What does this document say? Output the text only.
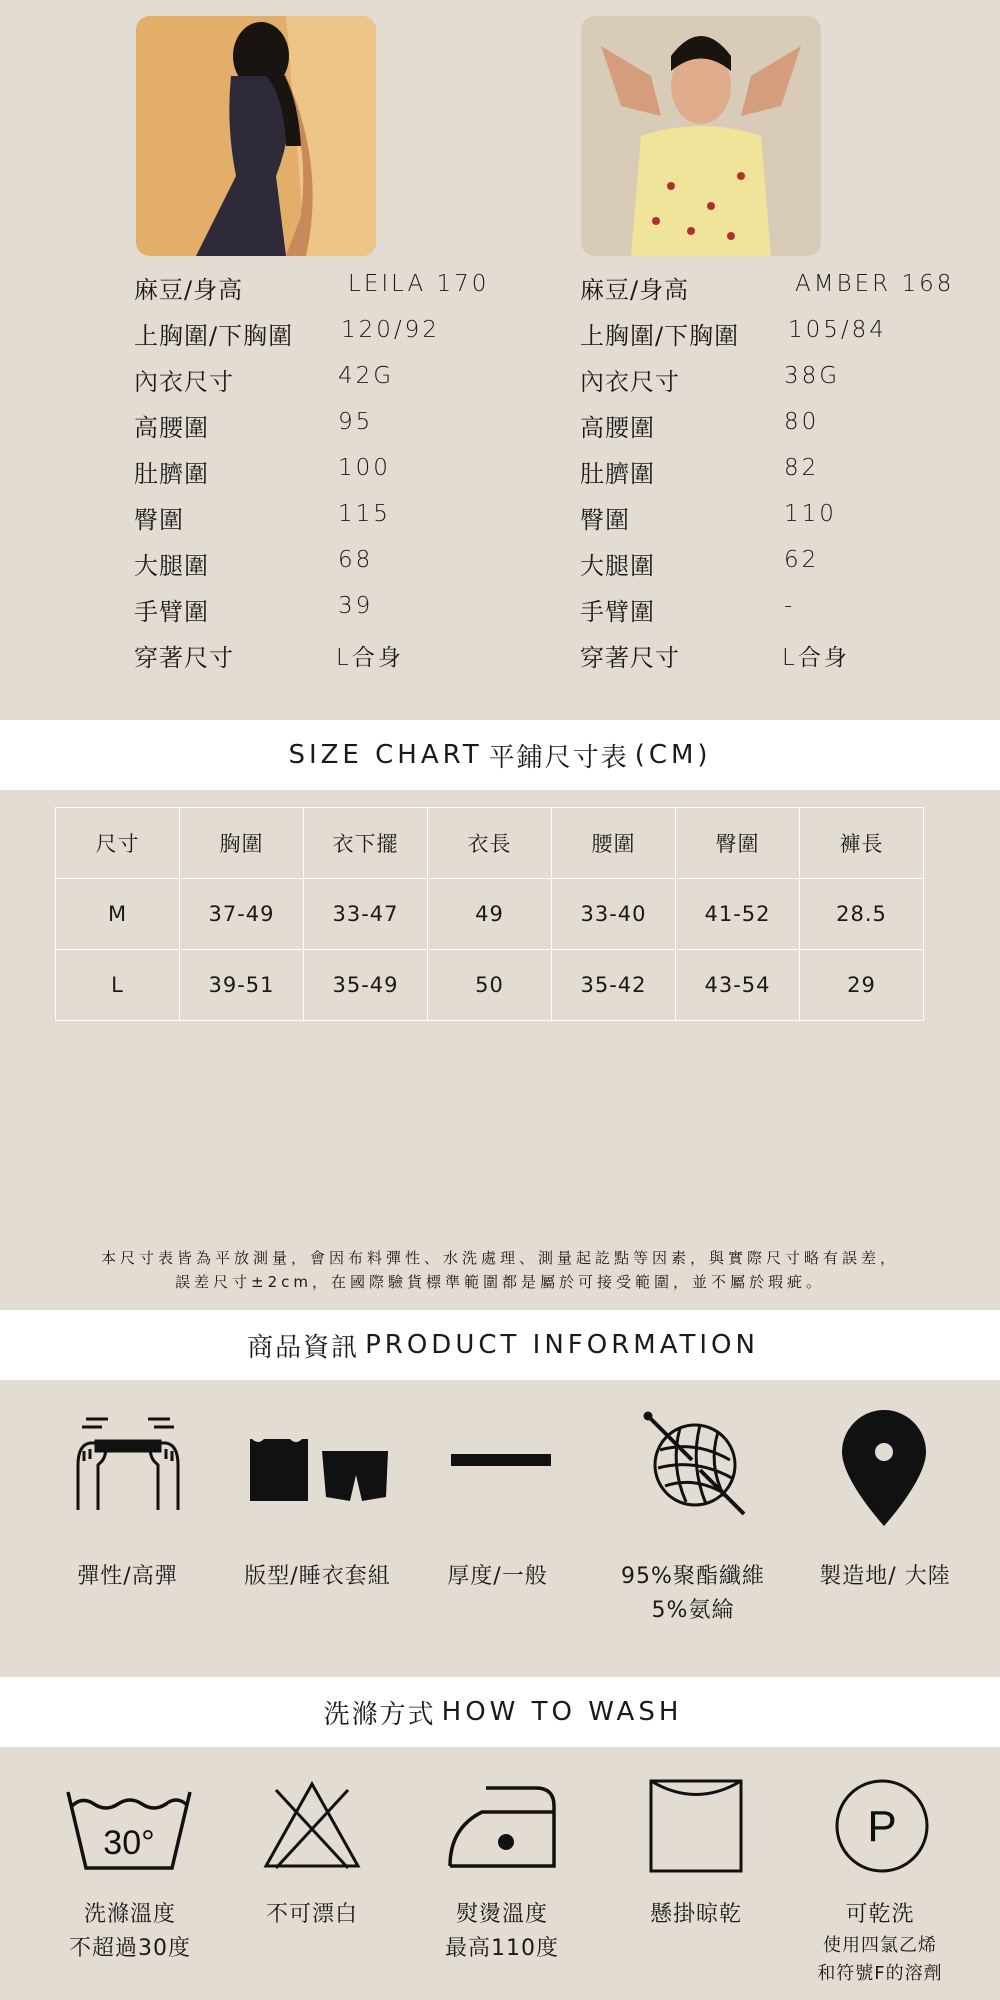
麻豆/身高	LEILA 170
上胸圍/下胸圍 120/92
內衣尺寸	42G
高腰圍	95
肚臍圍	100
臀圍	115
大腿圍	68
手臂圍	39
穿著尺寸	L合身
麻豆/身高	AMBER 168
上胸圍/下胸圍 105/84
內衣尺寸	38G
高腰圍	80
肚臍圍	82
臀圍	110
大腿圍	62
手臂圍	-
穿著尺寸	L合身
SIZE CHART 平鋪尺寸表 (CM)
尺寸	胸圍	衣下擺	衣長	腰圍	臀圍	褲長
M	37-49	33-47	49	33-40	41-52	28.5
L	39-51	35-49	50	35-42	43-54	29
本尺寸表皆為平放測量，會因布料彈性、水洗處理、測量起訖點等因素，與實際尺寸略有誤差，
誤差尺寸±2cm，在國際驗貨標準範圍都是屬於可接受範圍，並不屬於瑕疵。
商品資訊 PRODUCT INFORMATION
彈性/高彈	版型/睡衣套組	厚度/一般	95%聚酯纖維
5%氨綸
製造地/ 大陸
洗滌方式 HOW TO WASH
30°	P
洗滌溫度
不超過30度
不可漂白	熨燙溫度
最高110度
懸掛晾乾	可乾洗
使用四氯乙烯
和符號F的溶劑
